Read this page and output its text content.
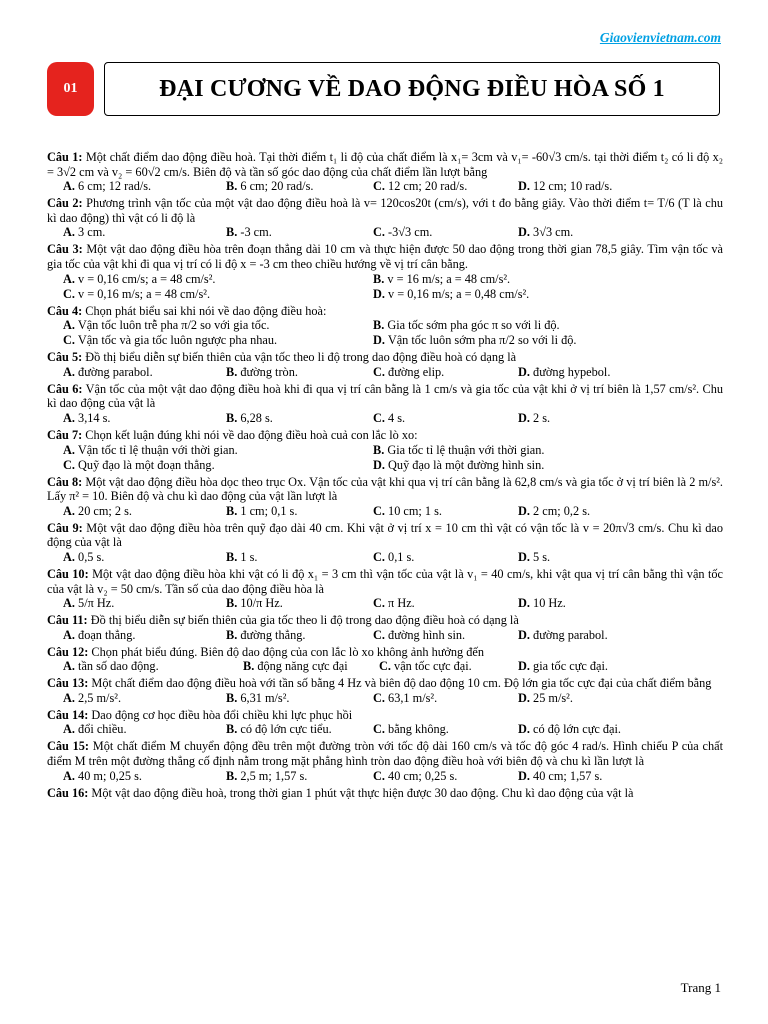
Giaovienvietnam.com
01	ĐẠI CƯƠNG VỀ DAO ĐỘNG ĐIỀU HÒA SỐ 1

Câu 1: Một chất điểm dao động điều hoà. Tại thời điểm t₁ li độ của chất điểm là x₁= 3cm và v₁= -60√3 cm/s. tại thời điểm t₂ có li độ x₂ = 3√2 cm và v₂ = 60√2 cm/s. Biên độ và tần số góc dao động của chất điểm lần lượt bằng

A. 6 cm; 12 rad/s.	B. 6 cm; 20 rad/s.	C. 12 cm; 20 rad/s.	D. 12 cm; 10 rad/s.

Câu 2: Phương trình vận tốc của một vật dao động điều hoà là v= 120cos20t (cm/s), với t đo bằng giây. Vào thời điểm t= T/6 (T là chu kì dao động) thì vật có li độ là

A. 3 cm.	B. -3 cm.	C. -3√3 cm.	D. 3√3 cm.

Câu 3: Một vật dao động điều hòa trên đoạn thẳng dài 10 cm và thực hiện được 50 dao động trong thời gian 78,5 giây. Tìm vận tốc và gia tốc của vật khi đi qua vị trí có li độ x = -3 cm theo chiều hướng về vị trí cân bằng.

A. v = 0,16 cm/s; a = 48 cm/s².	B. v = 16 m/s; a = 48 cm/s².
C. v = 0,16 m/s; a = 48 cm/s².	D. v = 0,16 m/s; a = 0,48 cm/s².

Câu 4: Chọn phát biểu sai khi nói về dao động điều hoà:

A. Vận tốc luôn trễ pha π/2 so với gia tốc.	B. Gia tốc sớm pha góc π so với li độ.
C. Vận tốc và gia tốc luôn ngược pha nhau.	D. Vận tốc luôn sớm pha π/2 so với li độ.

Câu 5: Đồ thị biểu diễn sự biến thiên của vận tốc theo li độ trong dao động điều hoà có dạng là

A. đường parabol.	B. đường tròn.	C. đường elip.	D. đường hypebol.

Câu 6: Vận tốc của một vật dao động điều hoà khi đi qua vị trí cân bằng là 1 cm/s và gia tốc của vật khi ở vị trí biên là 1,57 cm/s². Chu kì dao động của vật là

A. 3,14 s.	B. 6,28 s.	C. 4 s.	D. 2 s.

Câu 7: Chọn kết luận đúng khi nói về dao động điều hoà cuả con lắc lò xo:

A. Vận tốc tỉ lệ thuận với thời gian.	B. Gia tốc tỉ lệ thuận với thời gian.
C. Quỹ đạo là một đoạn thẳng.	D. Quỹ đạo là một đường hình sin.

Câu 8: Một vật dao động điều hòa dọc theo trục Ox. Vận tốc của vật khi qua vị trí cân bằng là 62,8 cm/s và gia tốc ở vị trí biên là 2 m/s². Lấy π² = 10. Biên độ và chu kì dao động của vật lần lượt là

A. 20 cm; 2 s.	B. 1 cm; 0,1 s.	C. 10 cm; 1 s.	D. 2 cm; 0,2 s.

Câu 9: Một vật dao động điều hòa trên quỹ đạo dài 40 cm. Khi vật ở vị trí x = 10 cm thì vật có vận tốc là v = 20π√3 cm/s. Chu kì dao động của vật là

A. 0,5 s.	B. 1 s.	C. 0,1 s.	D. 5 s.

Câu 10: Một vật dao động điều hòa khi vật có li độ x₁ = 3 cm thì vận tốc của vật là v₁ = 40 cm/s, khi vật qua vị trí cân bằng thì vận tốc của vật là v₂ = 50 cm/s. Tần số của dao động điều hòa là

A. 5/π Hz.	B. 10/π Hz.	C. π Hz.	D. 10 Hz.

Câu 11: Đồ thị biểu diễn sự biến thiên của gia tốc theo li độ trong dao động điều hoà có dạng là

A. đoạn thẳng.	B. đường thẳng.	C. đường hình sin.	D. đường parabol.

Câu 12: Chọn phát biểu đúng. Biên độ dao động của con lắc lò xo không ảnh hưởng đến

A. tần số dao động.	B. động năng cực đại	C. vận tốc cực đại.	D. gia tốc cực đại.

Câu 13: Một chất điểm dao động điều hoà với tần số bằng 4 Hz và biên độ dao động 10 cm. Độ lớn gia tốc cực đại của chất điểm bằng

A. 2,5 m/s².	B. 6,31 m/s².	C. 63,1 m/s².	D. 25 m/s².

Câu 14: Dao động cơ học điều hòa đổi chiều khi lực phục hồi

A. đổi chiều.	B. có độ lớn cực tiểu.	C. bằng không.	D. có độ lớn cực đại.

Câu 15: Một chất điểm M chuyển động đều trên một đường tròn với tốc độ dài 160 cm/s và tốc độ góc 4 rad/s. Hình chiếu P của chất điểm M trên một đường thẳng cố định nằm trong mặt phẳng hình tròn dao động điều hoà với biên độ và chu kì lần lượt là

A. 40 m; 0,25 s.	B. 2,5 m; 1,57 s.	C. 40 cm; 0,25 s.	D. 40 cm; 1,57 s.

Câu 16: Một vật dao động điều hoà, trong thời gian 1 phút vật thực hiện được 30 dao động. Chu kì dao động của vật là

Trang 1
